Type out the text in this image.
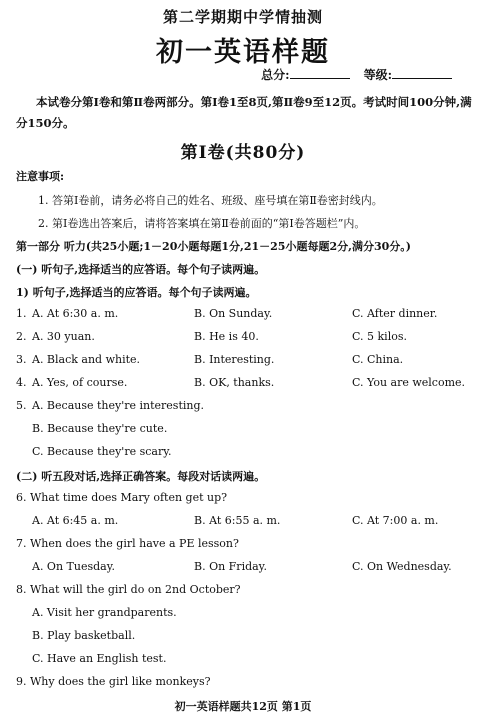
第二学期期中学情抽测
初一英语样题
总分:	等级:
本试卷分第Ⅰ卷和第Ⅱ卷两部分。第Ⅰ卷1至8页,第Ⅱ卷9至12页。考试时间100分钟,满分150分。
第Ⅰ卷(共80分)
注意事项:
1. 答第Ⅰ卷前，请务必将自己的姓名、班级、座号填在第Ⅱ卷密封线内。
2. 第Ⅰ卷选出答案后，请将答案填在第Ⅱ卷前面的“第Ⅰ卷答题栏”内。
第一部分 听力(共25小题;1－20小题每题1分,21－25小题每题2分,满分30分。)
(一) 听句子,选择适当的应答语。每个句子读两遍。
1) 听句子,选择适当的应答语。每个句子读两遍。
1. A. At 6:30 a. m.	B. On Sunday.	C. After dinner.
2. A. 30 yuan.	B. He is 40.	C. 5 kilos.
3. A. Black and white.	B. Interesting.	C. China.
4. A. Yes, of course.	B. OK, thanks.	C. You are welcome.
5. A. Because they're interesting.
B. Because they're cute.
C. Because they're scary.
(二) 听五段对话,选择正确答案。每段对话读两遍。
6. What time does Mary often get up?
A. At 6:45 a. m.	B. At 6:55 a. m.	C. At 7:00 a. m.
7. When does the girl have a PE lesson?
A. On Tuesday.	B. On Friday.	C. On Wednesday.
8. What will the girl do on 2nd October?
A. Visit her grandparents.
B. Play basketball.
C. Have an English test.
9. Why does the girl like monkeys?
初一英语样题共12页 第1页
